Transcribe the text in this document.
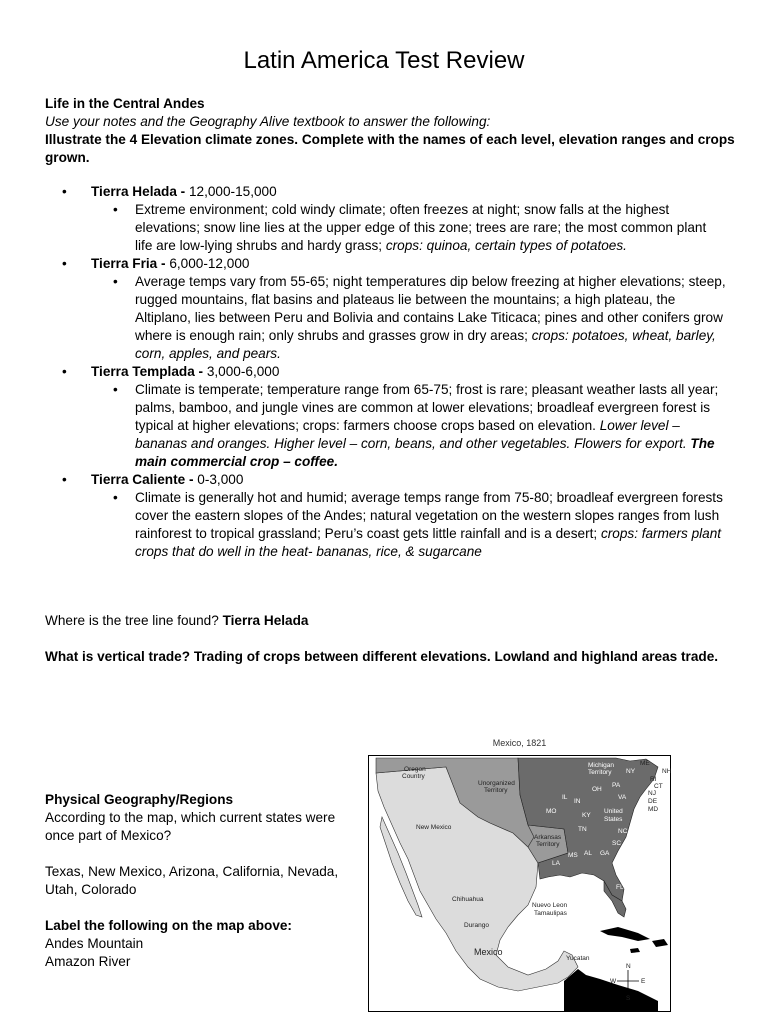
Latin America Test Review

Life in the Central Andes

Use your notes and the Geography Alive textbook to answer the following:

Illustrate the 4 Elevation climate zones. Complete with the names of each level, elevation ranges and crops grown.

• Tierra Helada - 12,000-15,000
• Extreme environment; cold windy climate; often freezes at night; snow falls at the highest elevations; snow line lies at the upper edge of this zone; trees are rare; the most common plant life are low-lying shrubs and hardy grass; crops: quinoa, certain types of potatoes.
• Tierra Fria - 6,000-12,000
• Average temps vary from 55-65; night temperatures dip below freezing at higher elevations; steep, rugged mountains, flat basins and plateaus lie between the mountains; a high plateau, the Altiplano, lies between Peru and Bolivia and contains Lake Titicaca; pines and other conifers grow where is enough rain; only shrubs and grasses grow in dry areas; crops: potatoes, wheat, barley, corn, apples, and pears.
• Tierra Templada - 3,000-6,000
• Climate is temperate; temperature range from 65-75; frost is rare; pleasant weather lasts all year; palms, bamboo, and jungle vines are common at lower elevations; broadleaf evergreen forest is typical at higher elevations; crops: farmers choose crops based on elevation. Lower level – bananas and oranges. Higher level – corn, beans, and other vegetables. Flowers for export. The main commercial crop – coffee.
• Tierra Caliente - 0-3,000
• Climate is generally hot and humid; average temps range from 75-80; broadleaf evergreen forests cover the eastern slopes of the Andes; natural vegetation on the western slopes ranges from lush rainforest to tropical grassland; Peru’s coast gets little rainfall and is a desert; crops: farmers plant crops that do well in the heat- bananas, rice, & sugarcane
Where is the tree line found? Tierra Helada
What is vertical trade? Trading of crops between different elevations. Lowland and highland areas trade.

Physical Geography/Regions

According to the map, which current states were once part of Mexico?

Texas, New Mexico, Arizona, California, Nevada, Utah, Colorado

Label the following on the map above:

Andes Mountain

Amazon River

Mexico, 1821
Oregon
Country
Unorganized
Territory
Michigan
Territory
New Mexico
United
States
Arkansas
Territory
Chihuahua
Nuevo Leon
Tamaulipas
Durango
Mexico
Yucatan
MO
IL
IN
OH
KY
TN
MS AL GA
SC
NC
VA
PA
NY
ME
NH
RI
CT
NJ
DE
MD
LA
FL
N
S
E
W
